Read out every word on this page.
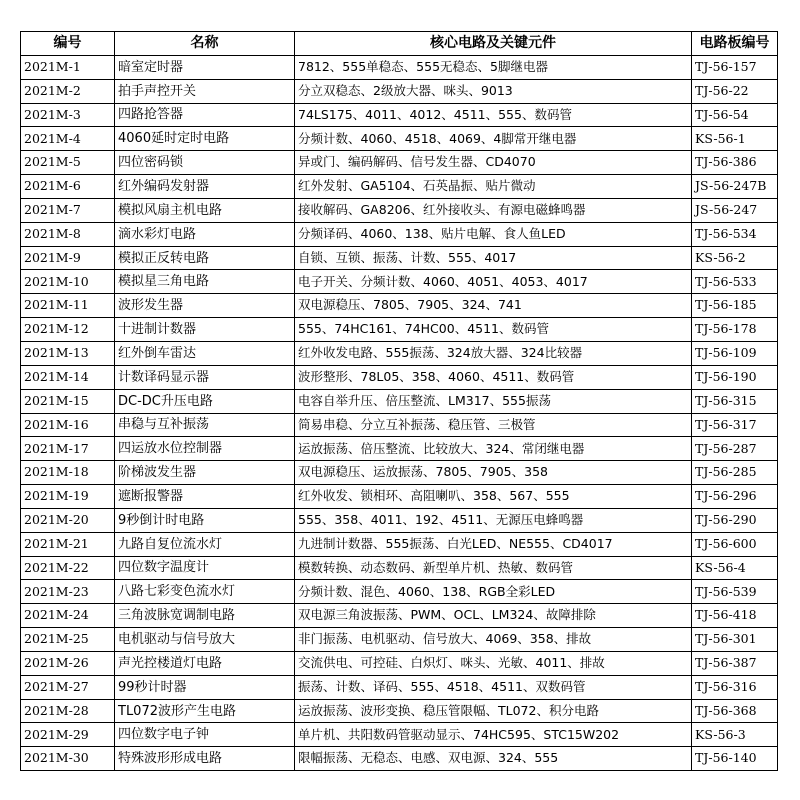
编号	名称	核心电路及关键元件	电路板编号
2021M-1	暗室定时器	7812、555单稳态、555无稳态、5脚继电器	TJ-56-157
2021M-2	拍手声控开关	分立双稳态、2级放大器、咪头、9013	TJ-56-22
2021M-3	四路抢答器	74LS175、4011、4012、4511、555、数码管	TJ-56-54
2021M-4	4060延时定时电路	分频计数、4060、4518、4069、4脚常开继电器	KS-56-1
2021M-5	四位密码锁	异或门、编码解码、信号发生器、CD4070	TJ-56-386
2021M-6	红外编码发射器	红外发射、GA5104、石英晶振、贴片微动	JS-56-247B
2021M-7	模拟风扇主机电路	接收解码、GA8206、红外接收头、有源电磁蜂鸣器	JS-56-247
2021M-8	滴水彩灯电路	分频译码、4060、138、贴片电解、食人鱼LED	TJ-56-534
2021M-9	模拟正反转电路	自锁、互锁、振荡、计数、555、4017	KS-56-2
2021M-10	模拟星三角电路	电子开关、分频计数、4060、4051、4053、4017	TJ-56-533
2021M-11	波形发生器	双电源稳压、7805、7905、324、741	TJ-56-185
2021M-12	十进制计数器	555、74HC161、74HC00、4511、数码管	TJ-56-178
2021M-13	红外倒车雷达	红外收发电路、555振荡、324放大器、324比较器	TJ-56-109
2021M-14	计数译码显示器	波形整形、78L05、358、4060、4511、数码管	TJ-56-190
2021M-15	DC-DC升压电路	电容自举升压、倍压整流、LM317、555振荡	TJ-56-315
2021M-16	串稳与互补振荡	简易串稳、分立互补振荡、稳压管、三极管	TJ-56-317
2021M-17	四运放水位控制器	运放振荡、倍压整流、比较放大、324、常闭继电器	TJ-56-287
2021M-18	阶梯波发生器	双电源稳压、运放振荡、7805、7905、358	TJ-56-285
2021M-19	遮断报警器	红外收发、锁相环、高阻喇叭、358、567、555	TJ-56-296
2021M-20	9秒倒计时电路	555、358、4011、192、4511、无源压电蜂鸣器	TJ-56-290
2021M-21	九路自复位流水灯	九进制计数器、555振荡、白光LED、NE555、CD4017	TJ-56-600
2021M-22	四位数字温度计	模数转换、动态数码、新型单片机、热敏、数码管	KS-56-4
2021M-23	八路七彩变色流水灯	分频计数、混色、4060、138、RGB全彩LED	TJ-56-539
2021M-24	三角波脉宽调制电路	双电源三角波振荡、PWM、OCL、LM324、故障排除	TJ-56-418
2021M-25	电机驱动与信号放大	非门振荡、电机驱动、信号放大、4069、358、排故	TJ-56-301
2021M-26	声光控楼道灯电路	交流供电、可控硅、白炽灯、咪头、光敏、4011、排故	TJ-56-387
2021M-27	99秒计时器	振荡、计数、译码、555、4518、4511、双数码管	TJ-56-316
2021M-28	TL072波形产生电路	运放振荡、波形变换、稳压管限幅、TL072、积分电路	TJ-56-368
2021M-29	四位数字电子钟	单片机、共阳数码管驱动显示、74HC595、STC15W202	KS-56-3
2021M-30	特殊波形形成电路	限幅振荡、无稳态、电感、双电源、324、555	TJ-56-140
